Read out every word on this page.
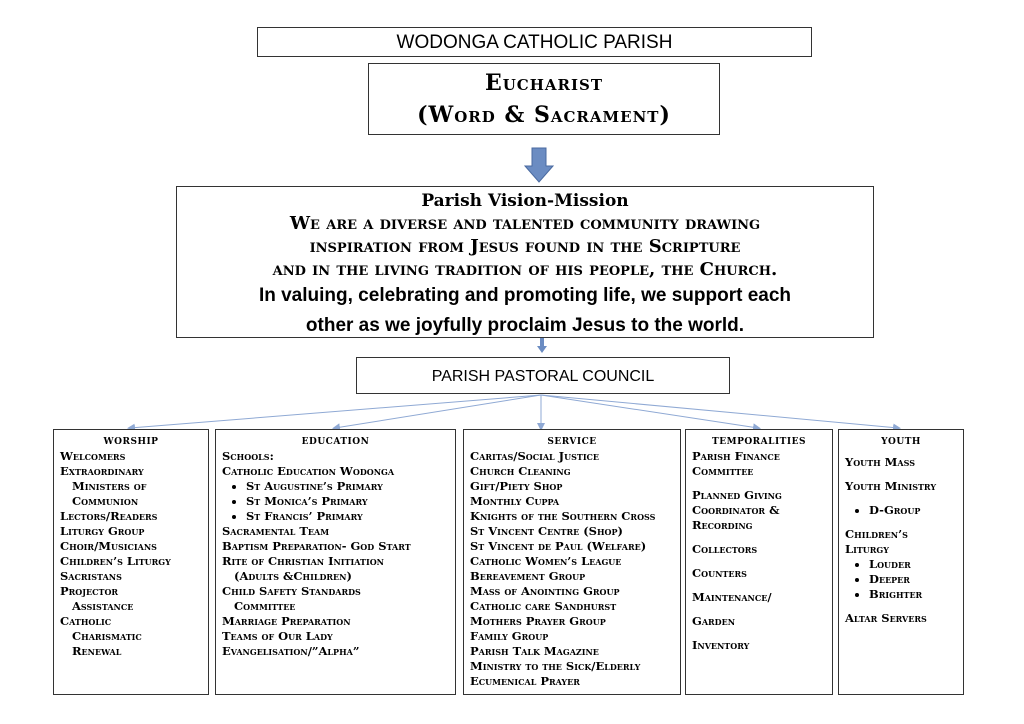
WODONGA CATHOLIC PARISH
Eucharist
(Word & Sacrament)
Parish Vision-Mission
We are a diverse and talented community drawing
inspiration from Jesus found in the Scripture
and in the living tradition of his people, the Church.
In valuing, celebrating and promoting life, we support each
other as we joyfully proclaim Jesus to the world.
PARISH PASTORAL COUNCIL
worship
Welcomers
Extraordinary
Ministers of
Communion
Lectors/Readers
Liturgy Group
Choir/Musicians
Children’s Liturgy
Sacristans
Projector
Assistance
Catholic
Charismatic
Renewal
education
Schools:
Catholic Education Wodonga
• St Augustine’s Primary
• St Monica’s Primary
• St Francis’ Primary
Sacramental Team
Baptism Preparation- God Start
Rite of Christian Initiation
(Adults &Children)
Child Safety Standards
Committee
Marriage Preparation
Teams of Our Lady
Evangelisation/”Alpha”
service
Caritas/Social Justice
Church Cleaning
Gift/Piety Shop
Monthly Cuppa
Knights of the Southern Cross
St Vincent Centre (Shop)
St Vincent de Paul (Welfare)
Catholic Women’s League
Bereavement Group
Mass of Anointing Group
Catholic care Sandhurst
Mothers Prayer Group
Family Group
Parish Talk Magazine
Ministry to the Sick/Elderly
Ecumenical Prayer
temporalities
Parish Finance
Committee
Planned Giving
Coordinator &
Recording
Collectors
Counters
Maintenance/
Garden
Inventory
youth
Youth Mass
Youth Ministry
• D-Group
Children’s
Liturgy
• Louder
• Deeper
• Brighter
Altar Servers
